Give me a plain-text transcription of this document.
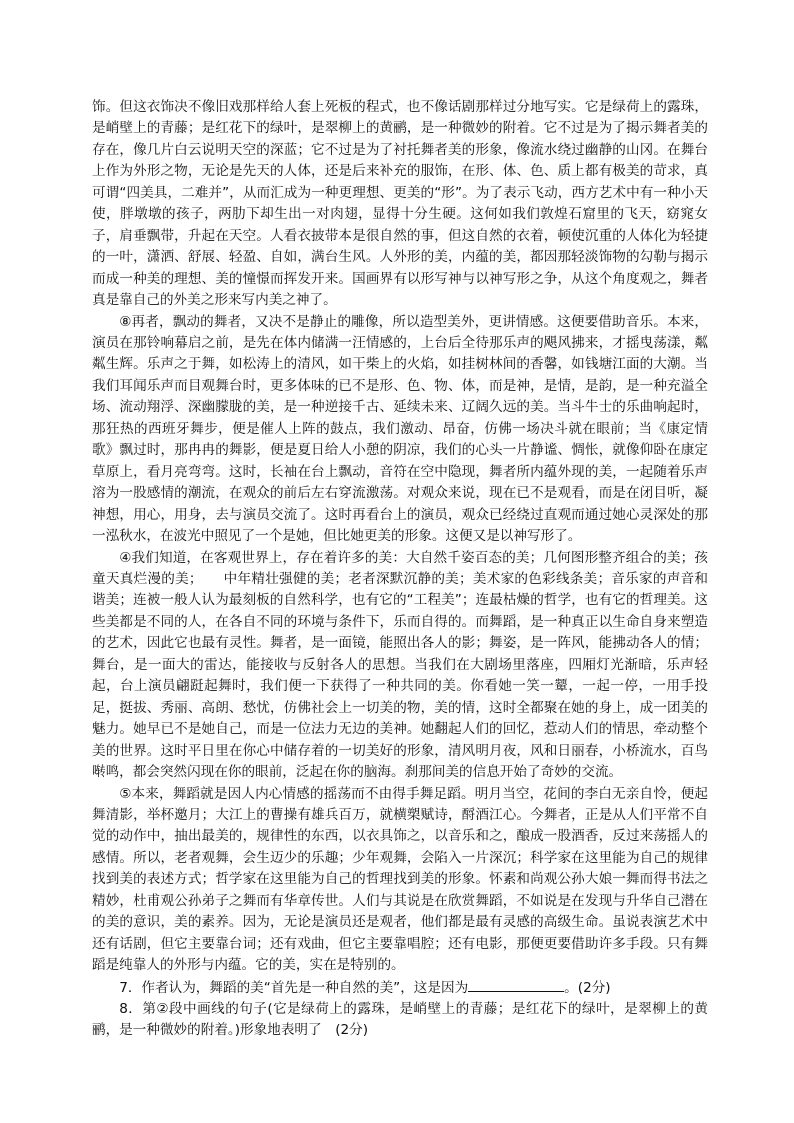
饰。但这衣饰决不像旧戏那样给人套上死板的程式，也不像话剧那样过分地写实。它是绿荷上的露珠，是峭壁上的青藤；是红花下的绿叶，是翠柳上的黄鹂，是一种微妙的附着。它不过是为了揭示舞者美的存在，像几片白云说明天空的深蓝；它不过是为了衬托舞者美的形象，像流水绕过幽静的山冈。在舞台上作为外形之物，无论是先天的人体，还是后来补充的服饰，在形、体、色、质上都有极美的苛求，真可谓“四美具，二难并”，从而汇成为一种更理想、更美的“形”。为了表示飞动，西方艺术中有一种小天使，胖墩墩的孩子，两肋下却生出一对肉翅，显得十分生硬。这何如我们敦煌石窟里的飞天，窈窕女子，肩垂飘带，升起在天空。人看衣披带本是很自然的事，但这自然的衣着，顿使沉重的人体化为轻捷的一叶，潇洒、舒展、轻盈、自如，满台生风。人外形的美，内蕴的美，都因那轻淡饰物的勾勒与揭示而成一种美的理想、美的憧憬而挥发开来。国画界有以形写神与以神写形之争，从这个角度观之，舞者真是靠自己的外美之形来写内美之神了。

⑧再者，飘动的舞者，又决不是静止的雕像，所以造型美外，更讲情感。这便要借助音乐。本来，演员在那铃响幕启之前，是先在体内储满一汪情感的，上台后全待那乐声的飓风拂来，才摇曳荡漾，粼粼生辉。乐声之于舞，如松涛上的清风，如干柴上的火焰，如挂树林间的香馨，如钱塘江面的大潮。当我们耳闻乐声而目观舞台时，更多体味的已不是形、色、物、体，而是神，是情，是韵，是一种充溢全场、流动翔浮、深幽朦胧的美，是一种逆接千古、延续未来、辽阔久远的美。当斗牛士的乐曲响起时，那狂热的西班牙舞步，便是催人上阵的鼓点，我们激动、昂奋，仿佛一场决斗就在眼前；当《康定情歌》飘过时，那冉冉的舞影，便是夏日给人小憩的阴凉，我们的心头一片静谧、惆怅，就像仰卧在康定草原上，看月亮弯弯。这时，长袖在台上飘动，音符在空中隐现，舞者所内蕴外现的美，一起随着乐声溶为一股感情的潮流，在观众的前后左右穿流激荡。对观众来说，现在已不是观看，而是在闭目听，凝神想，用心，用身，去与演员交流了。这时再看台上的演员，观众已经绕过直观而通过她心灵深处的那一泓秋水，在波光中照见了一个是她，但比她更美的形象。这便又是以神写形了。

④我们知道，在客观世界上，存在着许多的美：大自然千姿百态的美；几何图形整齐组合的美；孩童天真烂漫的美；　　中年精壮强健的美；老者深默沉静的美；美术家的色彩线条美；音乐家的声音和谐美；连被一般人认为最刻板的自然科学，也有它的“工程美”；连最枯燥的哲学，也有它的哲理美。这些美都是不同的人，在各自不同的环境与条件下，乐而自得的。而舞蹈，是一种真正以生命自身来塑造的艺术，因此它也最有灵性。舞者，是一面镜，能照出各人的影；舞姿，是一阵风，能拂动各人的情；舞台，是一面大的雷达，能接收与反射各人的思想。当我们在大剧场里落座，四厢灯光渐暗，乐声轻起，台上演员翩跹起舞时，我们便一下获得了一种共同的美。你看她一笑一颦，一起一停，一用手投足，挺拔、秀丽、高朗、愁忧，仿佛社会上一切美的物，美的情，这时全都聚在她的身上，成一团美的魅力。她早已不是她自己，而是一位法力无边的美神。她翻起人们的回忆，惹动人们的情思，牵动整个美的世界。这时平日里在你心中储存着的一切美好的形象，清风明月夜，风和日丽春，小桥流水，百鸟啭鸣，都会突然闪现在你的眼前，泛起在你的脑海。刹那间美的信息开始了奇妙的交流。

⑤本来，舞蹈就是因人内心情感的摇荡而不由得手舞足蹈。明月当空，花间的李白无亲自怜，便起舞清影，举杯邀月；大江上的曹操有雄兵百万，就横槊赋诗，酹酒江心。今舞者，正是从人们平常不自觉的动作中，抽出最美的，规律性的东西，以衣具饰之，以音乐和之，酿成一股酒香，反过来荡摇人的感情。所以，老者观舞，会生迈少的乐趣；少年观舞，会陷入一片深沉；科学家在这里能为自己的规律找到美的表述方式；哲学家在这里能为自己的哲理找到美的形象。怀素和尚观公孙大娘一舞而得书法之精妙，杜甫观公孙弟子之舞而有华章传世。人们与其说是在欣赏舞蹈，不如说是在发现与升华自己潜在的美的意识，美的素养。因为，无论是演员还是观者，他们都是最有灵感的高级生命。虽说表演艺术中还有话剧，但它主要靠台词；还有戏曲，但它主要靠唱腔；还有电影，那便更要借助许多手段。只有舞蹈是纯靠人的外形与内蕴。它的美，实在是特别的。

7．作者认为，舞蹈的美“首先是一种自然的美”，这是因为	。(2分)

8．第②段中画线的句子(它是绿荷上的露珠，是峭壁上的青藤；是红花下的绿叶，是翠柳上的黄鹂，是一种微妙的附着。)形象地表明了　(2分)
